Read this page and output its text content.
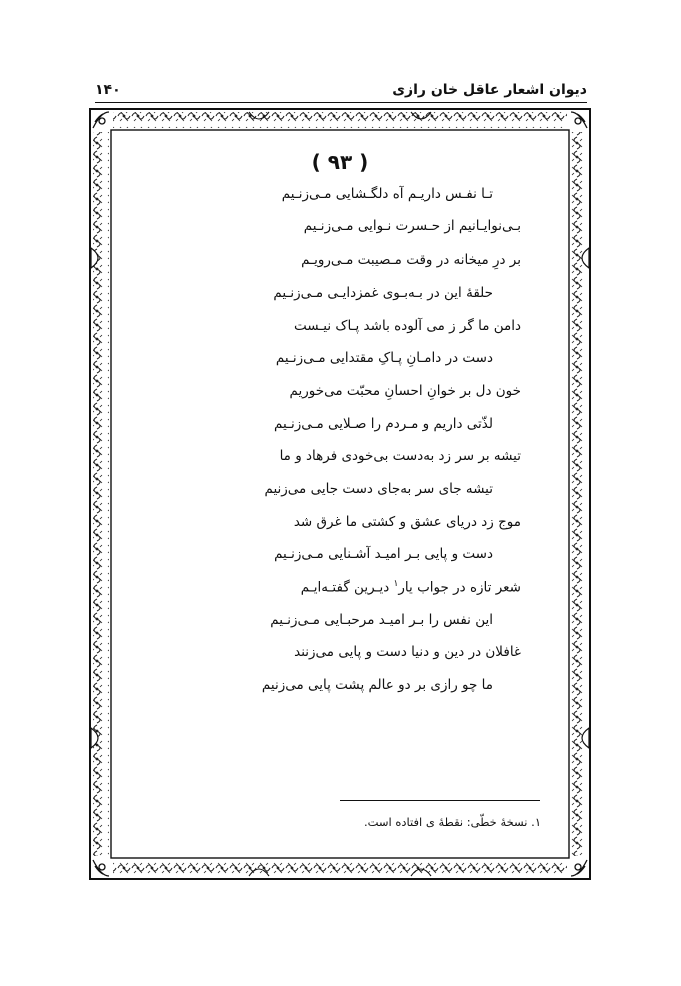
دیوان اشعار عاقل خان رازی
۱۴۰
( ۹۳ )
تـا نفـس داریـم آه دلگـشایی مـی‌زنـیم
بـی‌نوایـانیم از حـسرت نـوایی مـی‌زنـیم
بر درِ میخانه در وقت مـصیبت مـی‌رویـم
حلقهٔ این در بـه‌بـوی غمزدایـی مـی‌زنـیم
دامن ما گر ز می آلوده باشد پـاک نیـست
دست در دامـانِ پـاکِ مقتدایی مـی‌زنـیم
خون دل بر خوانِ احسانِ محبّت می‌خوریم
لذّتی داریم و مـردم را صـلایی مـی‌زنـیم
تیشه بر سر زد به‌دست بی‌خودی فرهاد و ما
تیشه جای سر به‌جای دست جایی می‌زنیم
موج زد دریای عشق و کشتی ما غرق شد
دست و پایی بـر امیـد آشـنایی مـی‌زنـیم
شعر تازه در جواب یار$^۱$ دیـرین گفتـه‌ایـم
این نفس را بـر امیـد مرحبـایی مـی‌زنـیم
غافلان در دین و دنیا دست و پایی می‌زنند
ما چو رازی بر دو عالم پشت پایی می‌زنیم
۱. نسخهٔ خطّی: نقطهٔ ی افتاده است.
